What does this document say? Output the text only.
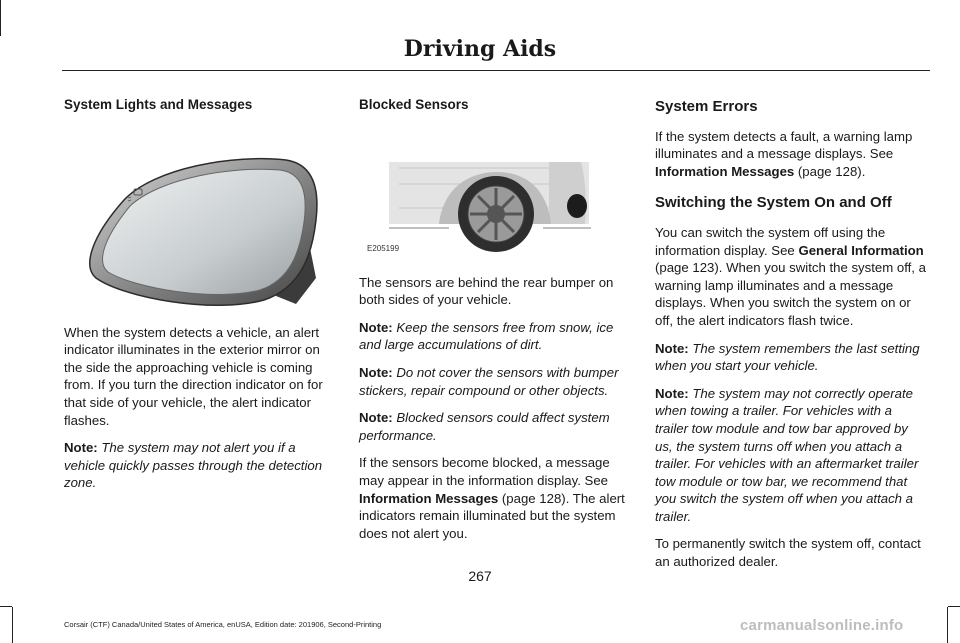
Driving Aids
System Lights and Messages

When the system detects a vehicle, an alert indicator illuminates in the exterior mirror on the side the approaching vehicle is coming from. If you turn the direction indicator on for that side of your vehicle, the alert indicator flashes.

Note: The system may not alert you if a vehicle quickly passes through the detection zone.

Blocked Sensors
E205199

The sensors are behind the rear bumper on both sides of your vehicle.

Note: Keep the sensors free from snow, ice and large accumulations of dirt.

Note: Do not cover the sensors with bumper stickers, repair compound or other objects.

Note: Blocked sensors could affect system performance.

If the sensors become blocked, a message may appear in the information display. See Information Messages (page 128). The alert indicators remain illuminated but the system does not alert you.

System Errors

If the system detects a fault, a warning lamp illuminates and a message displays. See Information Messages (page 128).

Switching the System On and Off

You can switch the system off using the information display. See General Information (page 123). When you switch the system off, a warning lamp illuminates and a message displays. When you switch the system on or off, the alert indicators flash twice.

Note: The system remembers the last setting when you start your vehicle.

Note: The system may not correctly operate when towing a trailer. For vehicles with a trailer tow module and tow bar approved by us, the system turns off when you attach a trailer. For vehicles with an aftermarket trailer tow module or tow bar, we recommend that you switch the system off when you attach a trailer.

To permanently switch the system off, contact an authorized dealer.

267
Corsair (CTF) Canada/United States of America, enUSA, Edition date: 201906, Second-Printing	carmanualsonline.info
